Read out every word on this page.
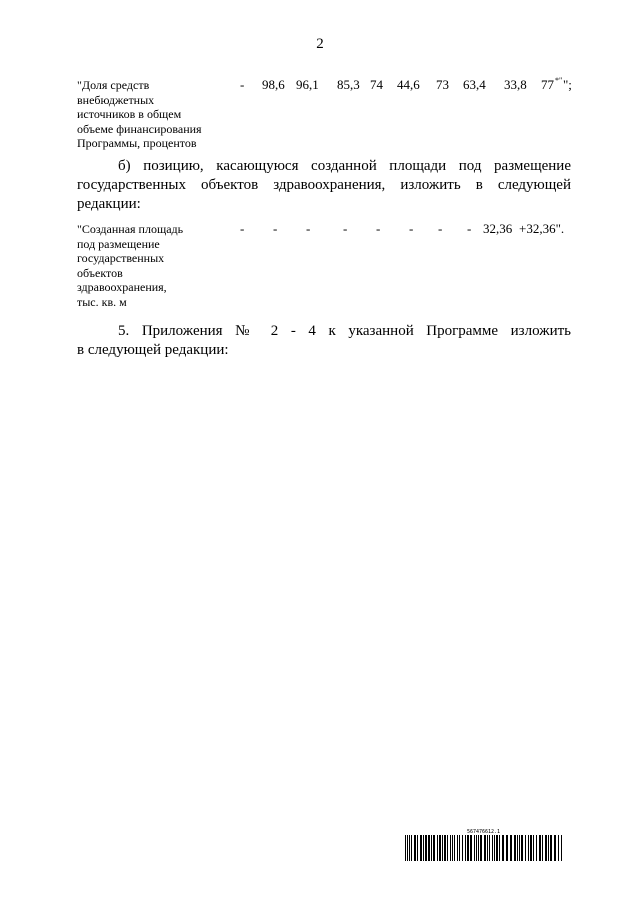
2
"Доля средств
внебюджетных
источников в общем
объеме финансирования
Программы, процентов
- 98,6 96,1 85,3 74 44,6 73 63,4 33,8 77 *" ";
б) позицию, касающуюся созданной площади под размещение
государственных объектов здравоохранения, изложить в следующей
редакции:
"Созданная площадь
под размещение
государственных
объектов
здравоохранения,
тыс. кв. м
- - -	- - - - - 32,36 +32,36".
5. Приложения № 2 - 4 к указанной Программе изложить
в следующей редакции:
567476612.1
